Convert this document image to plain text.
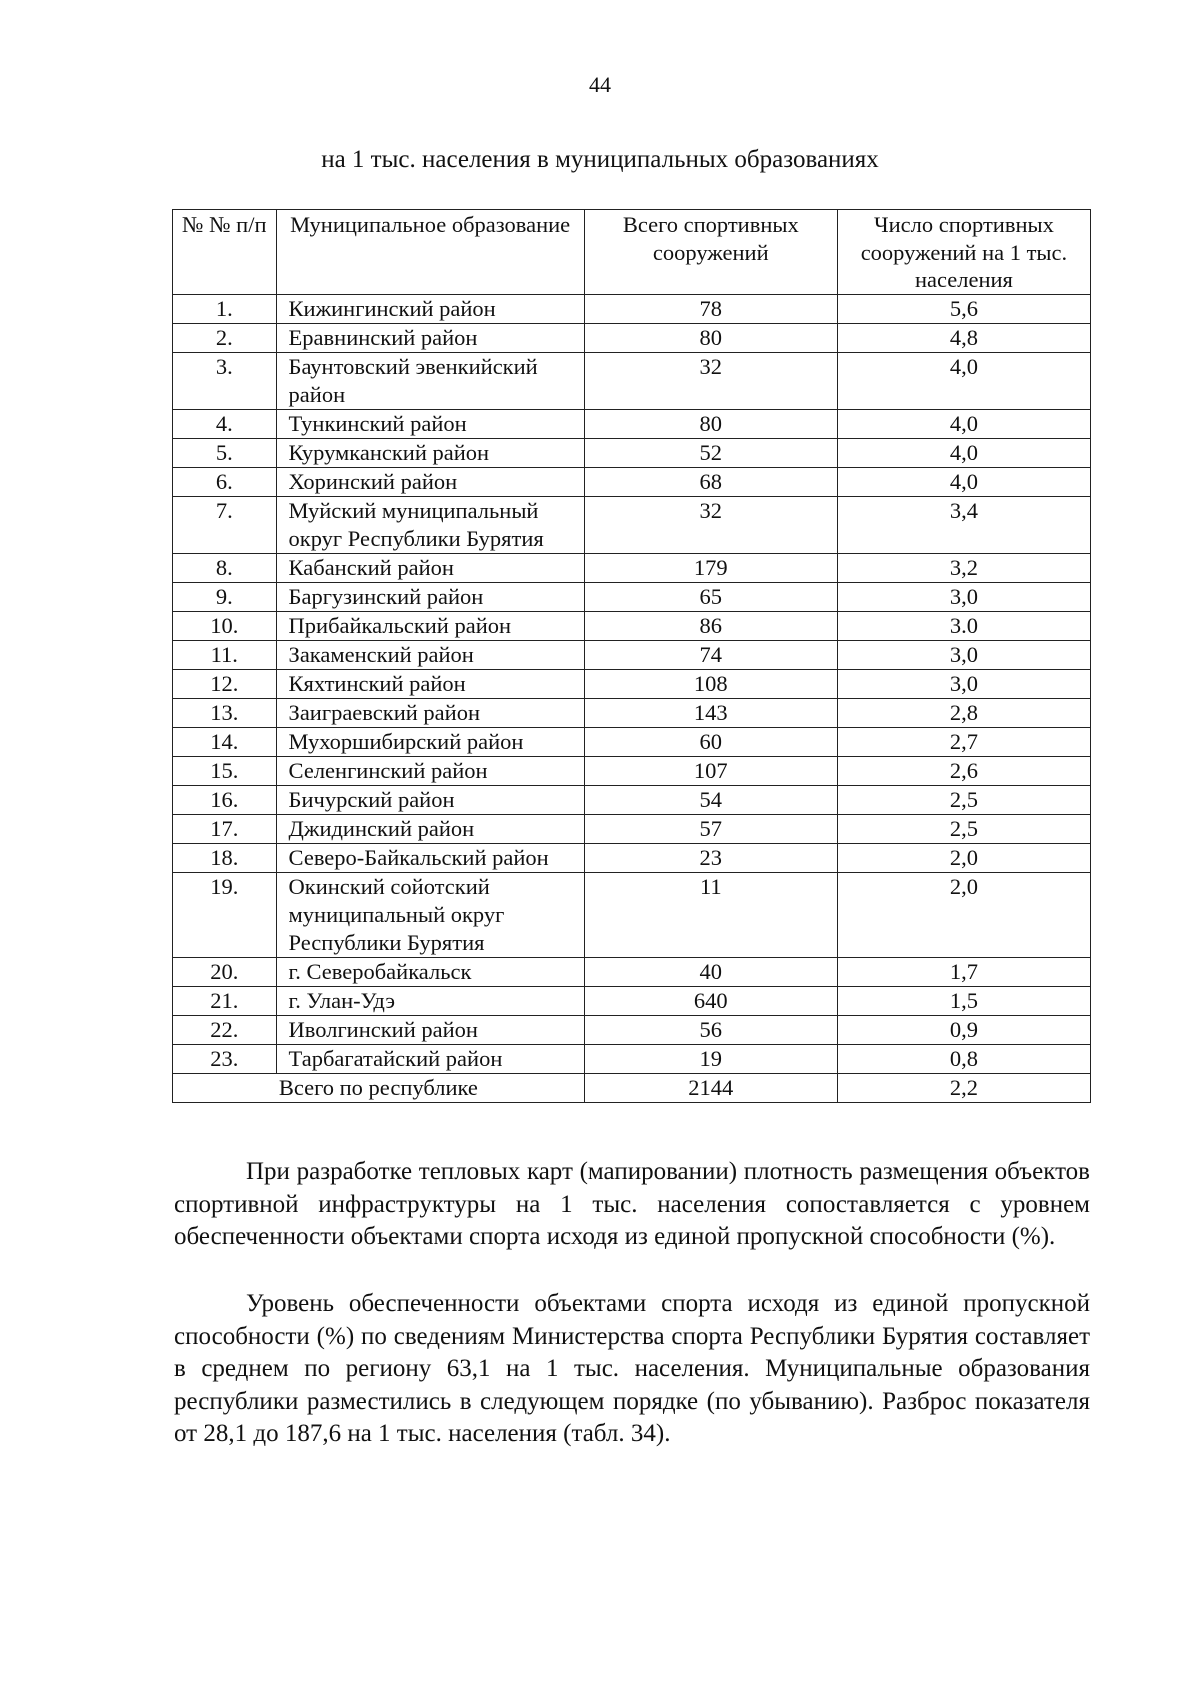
44
на 1 тыс. населения в муниципальных образованиях
№ № п/п	Муниципальное образование	Всего спортивных сооружений	Число спортивных сооружений на 1 тыс. населения
1.	Кижингинский район	78	5,6
2.	Еравнинский район	80	4,8
3.	Баунтовский эвенкийский район	32	4,0
4.	Тункинский район	80	4,0
5.	Курумканский район	52	4,0
6.	Хоринский район	68	4,0
7.	Муйский муниципальный округ Республики Бурятия	32	3,4
8.	Кабанский район	179	3,2
9.	Баргузинский район	65	3,0
10.	Прибайкальский район	86	3.0
11.	Закаменский район	74	3,0
12.	Кяхтинский район	108	3,0
13.	Заиграевский район	143	2,8
14.	Мухоршибирский район	60	2,7
15.	Селенгинский район	107	2,6
16.	Бичурский район	54	2,5
17.	Джидинский район	57	2,5
18.	Северо-Байкальский район	23	2,0
19.	Окинский сойотский муниципальный округ Республики Бурятия	11	2,0
20.	г. Северобайкальск	40	1,7
21.	г. Улан-Удэ	640	1,5
22.	Иволгинский район	56	0,9
23.	Тарбагатайский район	19	0,8
Всего по республике		2144	2,2

При разработке тепловых карт (мапировании) плотность размещения объектов спортивной инфраструктуры на 1 тыс. населения сопоставляется с уровнем обеспеченности объектами спорта исходя из единой пропускной способности (%).

Уровень обеспеченности объектами спорта исходя из единой пропускной способности (%) по сведениям Министерства спорта Республики Бурятия составляет в среднем по региону 63,1 на 1 тыс. населения. Муниципальные образования республики разместились в следующем порядке (по убыванию). Разброс показателя от 28,1 до 187,6 на 1 тыс. населения (табл. 34).
